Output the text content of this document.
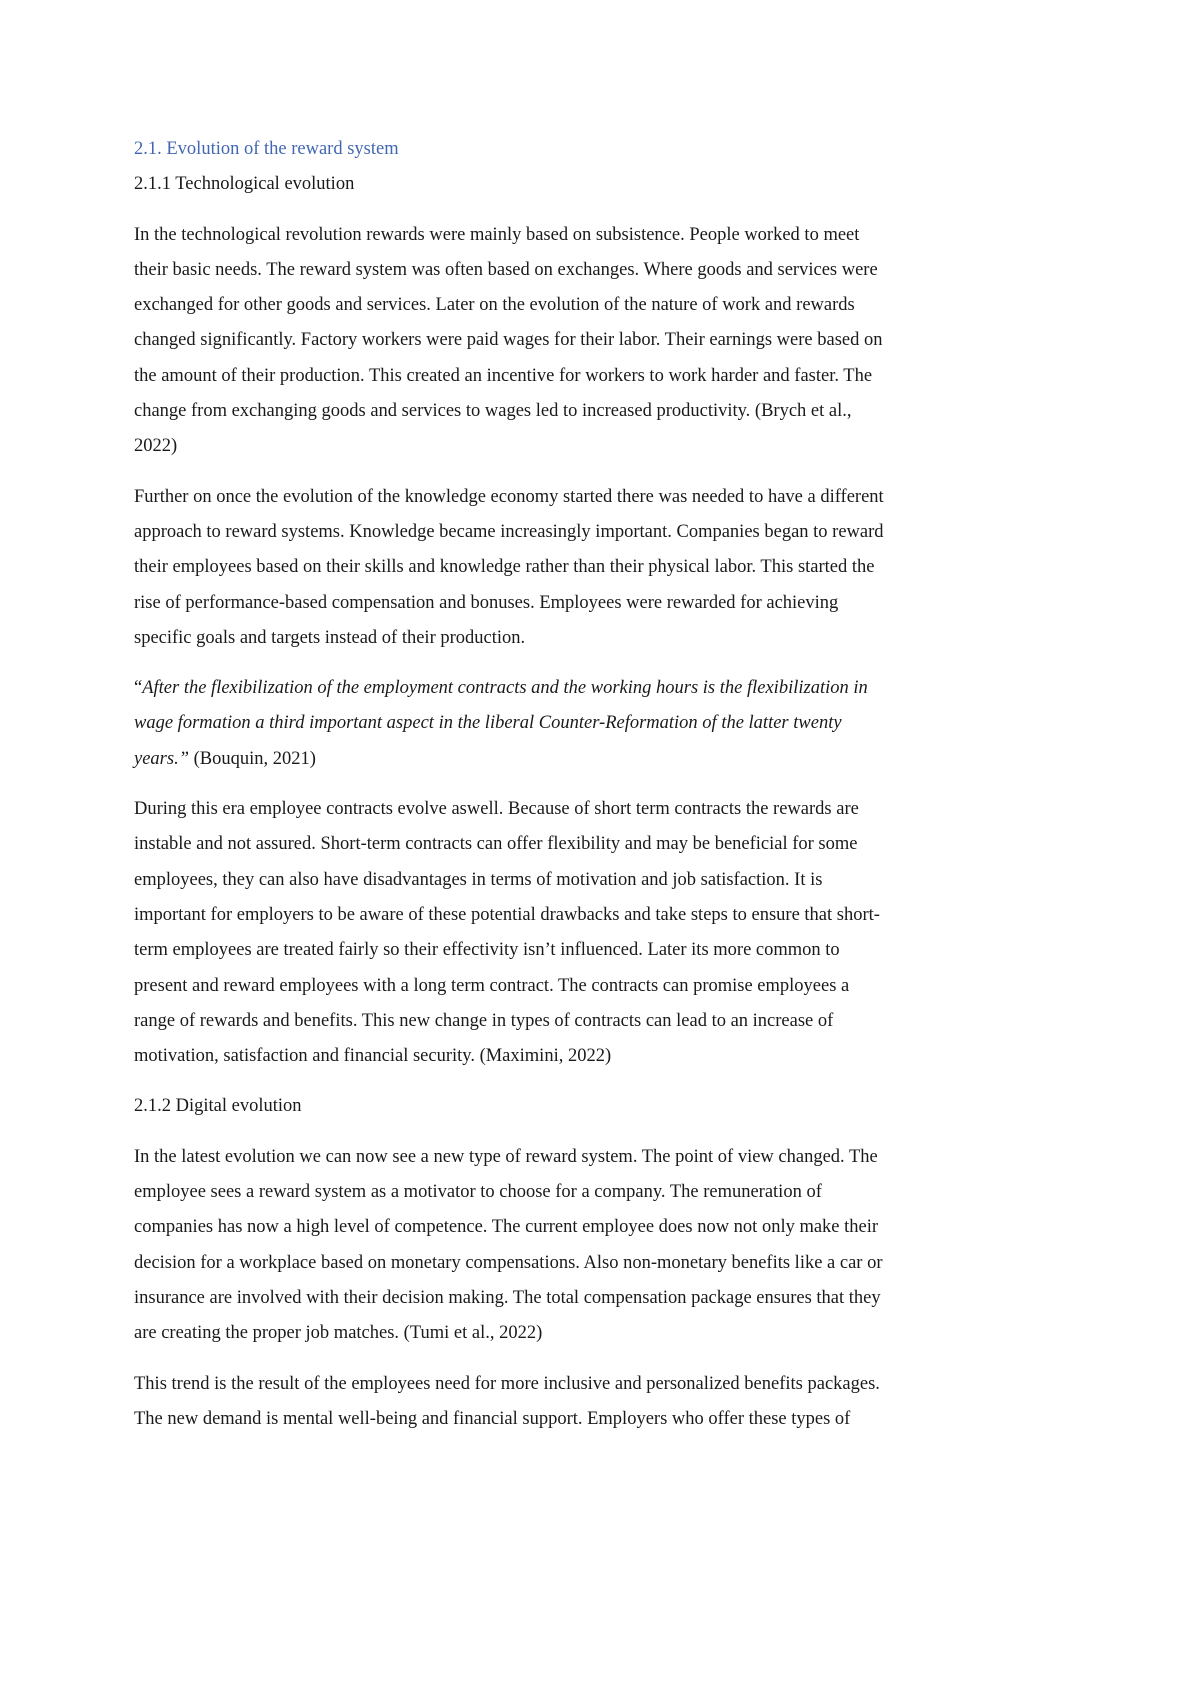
2.1. Evolution of the reward system
2.1.1 Technological evolution
In the technological revolution rewards were mainly based on subsistence. People worked to meet
their basic needs. The reward system was often based on exchanges. Where goods and services were
exchanged for other goods and services. Later on the evolution of the nature of work and rewards
changed significantly. Factory workers were paid wages for their labor. Their earnings were based on
the amount of their production. This created an incentive for workers to work harder and faster. The
change from exchanging goods and services to wages led to increased productivity. (Brych et al.,
2022)
Further on once the evolution of the knowledge economy started there was needed to have a different
approach to reward systems. Knowledge became increasingly important. Companies began to reward
their employees based on their skills and knowledge rather than their physical labor. This started the
rise of performance-based compensation and bonuses. Employees were rewarded for achieving
specific goals and targets instead of their production.
“After the flexibilization of the employment contracts and the working hours is the flexibilization in
wage formation a third important aspect in the liberal Counter-Reformation of the latter twenty
years.” (Bouquin, 2021)
During this era employee contracts evolve aswell. Because of short term contracts the rewards are
instable and not assured. Short-term contracts can offer flexibility and may be beneficial for some
employees, they can also have disadvantages in terms of motivation and job satisfaction. It is
important for employers to be aware of these potential drawbacks and take steps to ensure that short-
term employees are treated fairly so their effectivity isn’t influenced. Later its more common to
present and reward employees with a long term contract. The contracts can promise employees a
range of rewards and benefits. This new change in types of contracts can lead to an increase of
motivation, satisfaction and financial security. (Maximini, 2022)
2.1.2 Digital evolution
In the latest evolution we can now see a new type of reward system. The point of view changed. The
employee sees a reward system as a motivator to choose for a company. The remuneration of
companies has now a high level of competence. The current employee does now not only make their
decision for a workplace based on monetary compensations. Also non-monetary benefits like a car or
insurance are involved with their decision making. The total compensation package ensures that they
are creating the proper job matches. (Tumi et al., 2022)
This trend is the result of the employees need for more inclusive and personalized benefits packages.
The new demand is mental well-being and financial support. Employers who offer these types of
